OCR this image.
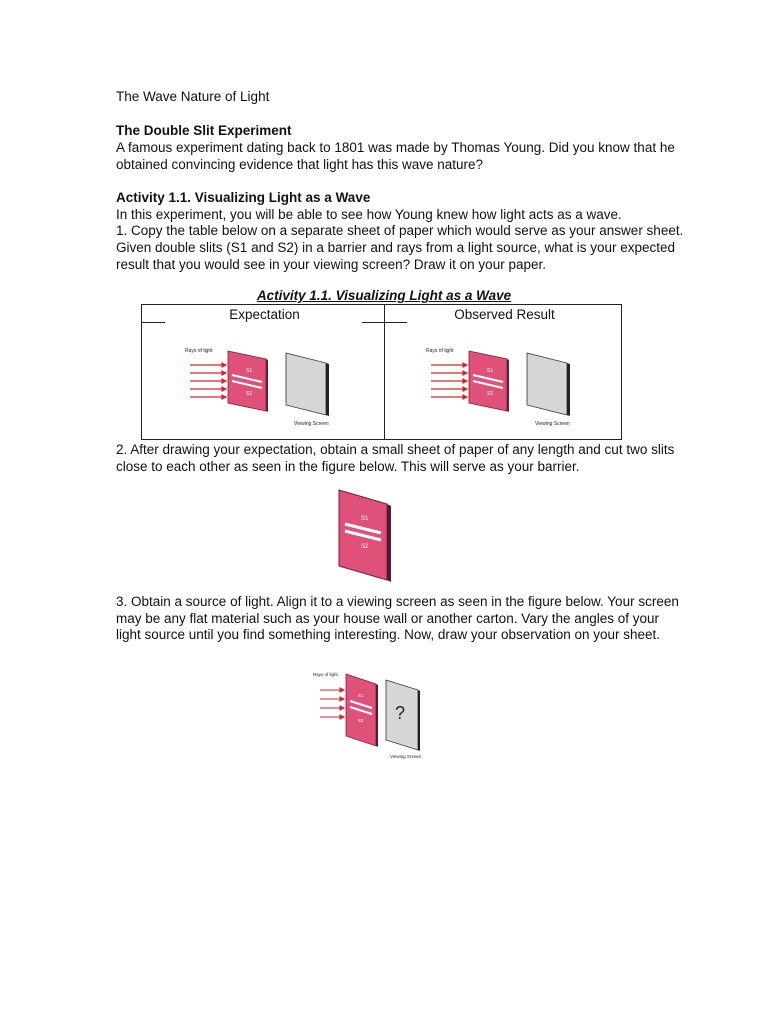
The Wave Nature of Light
The Double Slit Experiment
A famous experiment dating back to 1801 was made by Thomas Young. Did you know that he
obtained convincing evidence that light has this wave nature?
Activity 1.1. Visualizing Light as a Wave
In this experiment, you will be able to see how Young knew how light acts as a wave.
1. Copy the table below on a separate sheet of paper which would serve as your answer sheet.
Given double slits (S1 and S2) in a barrier and rays from a light source, what is your expected
result that you would see in your viewing screen? Draw it on your paper.
Activity 1.1. Visualizing Light as a Wave
Expectation	Observed Result
Rays of light
S1
S2
Viewing Screen
Rays of light
S1
S2
Viewing Screen
2. After drawing your expectation, obtain a small sheet of paper of any length and cut two slits
close to each other as seen in the figure below. This will serve as your barrier.
S1
S2
3. Obtain a source of light. Align it to a viewing screen as seen in the figure below. Your screen
may be any flat material such as your house wall or another carton. Vary the angles of your
light source until you find something interesting. Now, draw your observation on your sheet.
Rays of light
S1
S2 ?
Viewing Screen
